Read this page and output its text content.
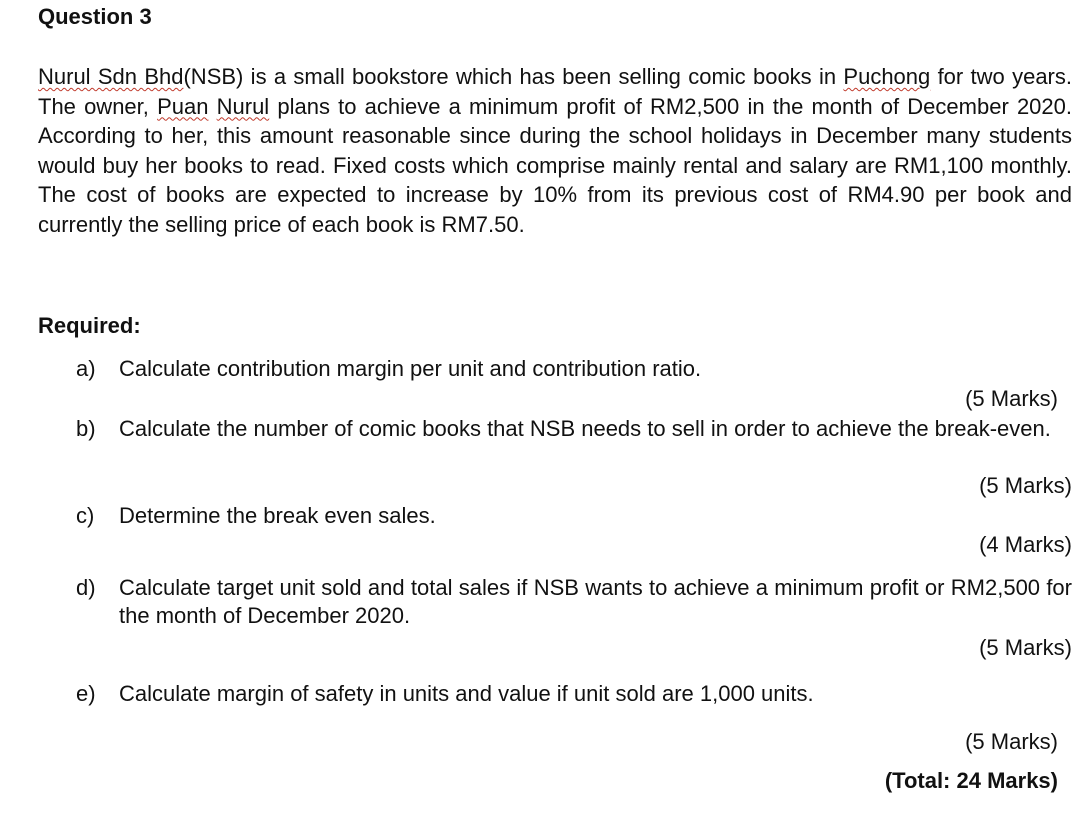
Question 3

Nurul Sdn Bhd(NSB) is a small bookstore which has been selling comic books in Puchong for two years. The owner, Puan Nurul plans to achieve a minimum profit of RM2,500 in the month of December 2020. According to her, this amount reasonable since during the school holidays in December many students would buy her books to read. Fixed costs which comprise mainly rental and salary are RM1,100 monthly. The cost of books are expected to increase by 10% from its previous cost of RM4.90 per book and currently the selling price of each book is RM7.50.

Required:
a) Calculate contribution margin per unit and contribution ratio.

(5 Marks)
b) Calculate the number of comic books that NSB needs to sell in order to achieve the break-even.

(5 Marks)
c) Determine the break even sales.

(4 Marks)
d) Calculate target unit sold and total sales if NSB wants to achieve a minimum profit or RM2,500 for the month of December 2020.

(5 Marks)
e) Calculate margin of safety in units and value if unit sold are 1,000 units.

(5 Marks)
(Total: 24 Marks)
